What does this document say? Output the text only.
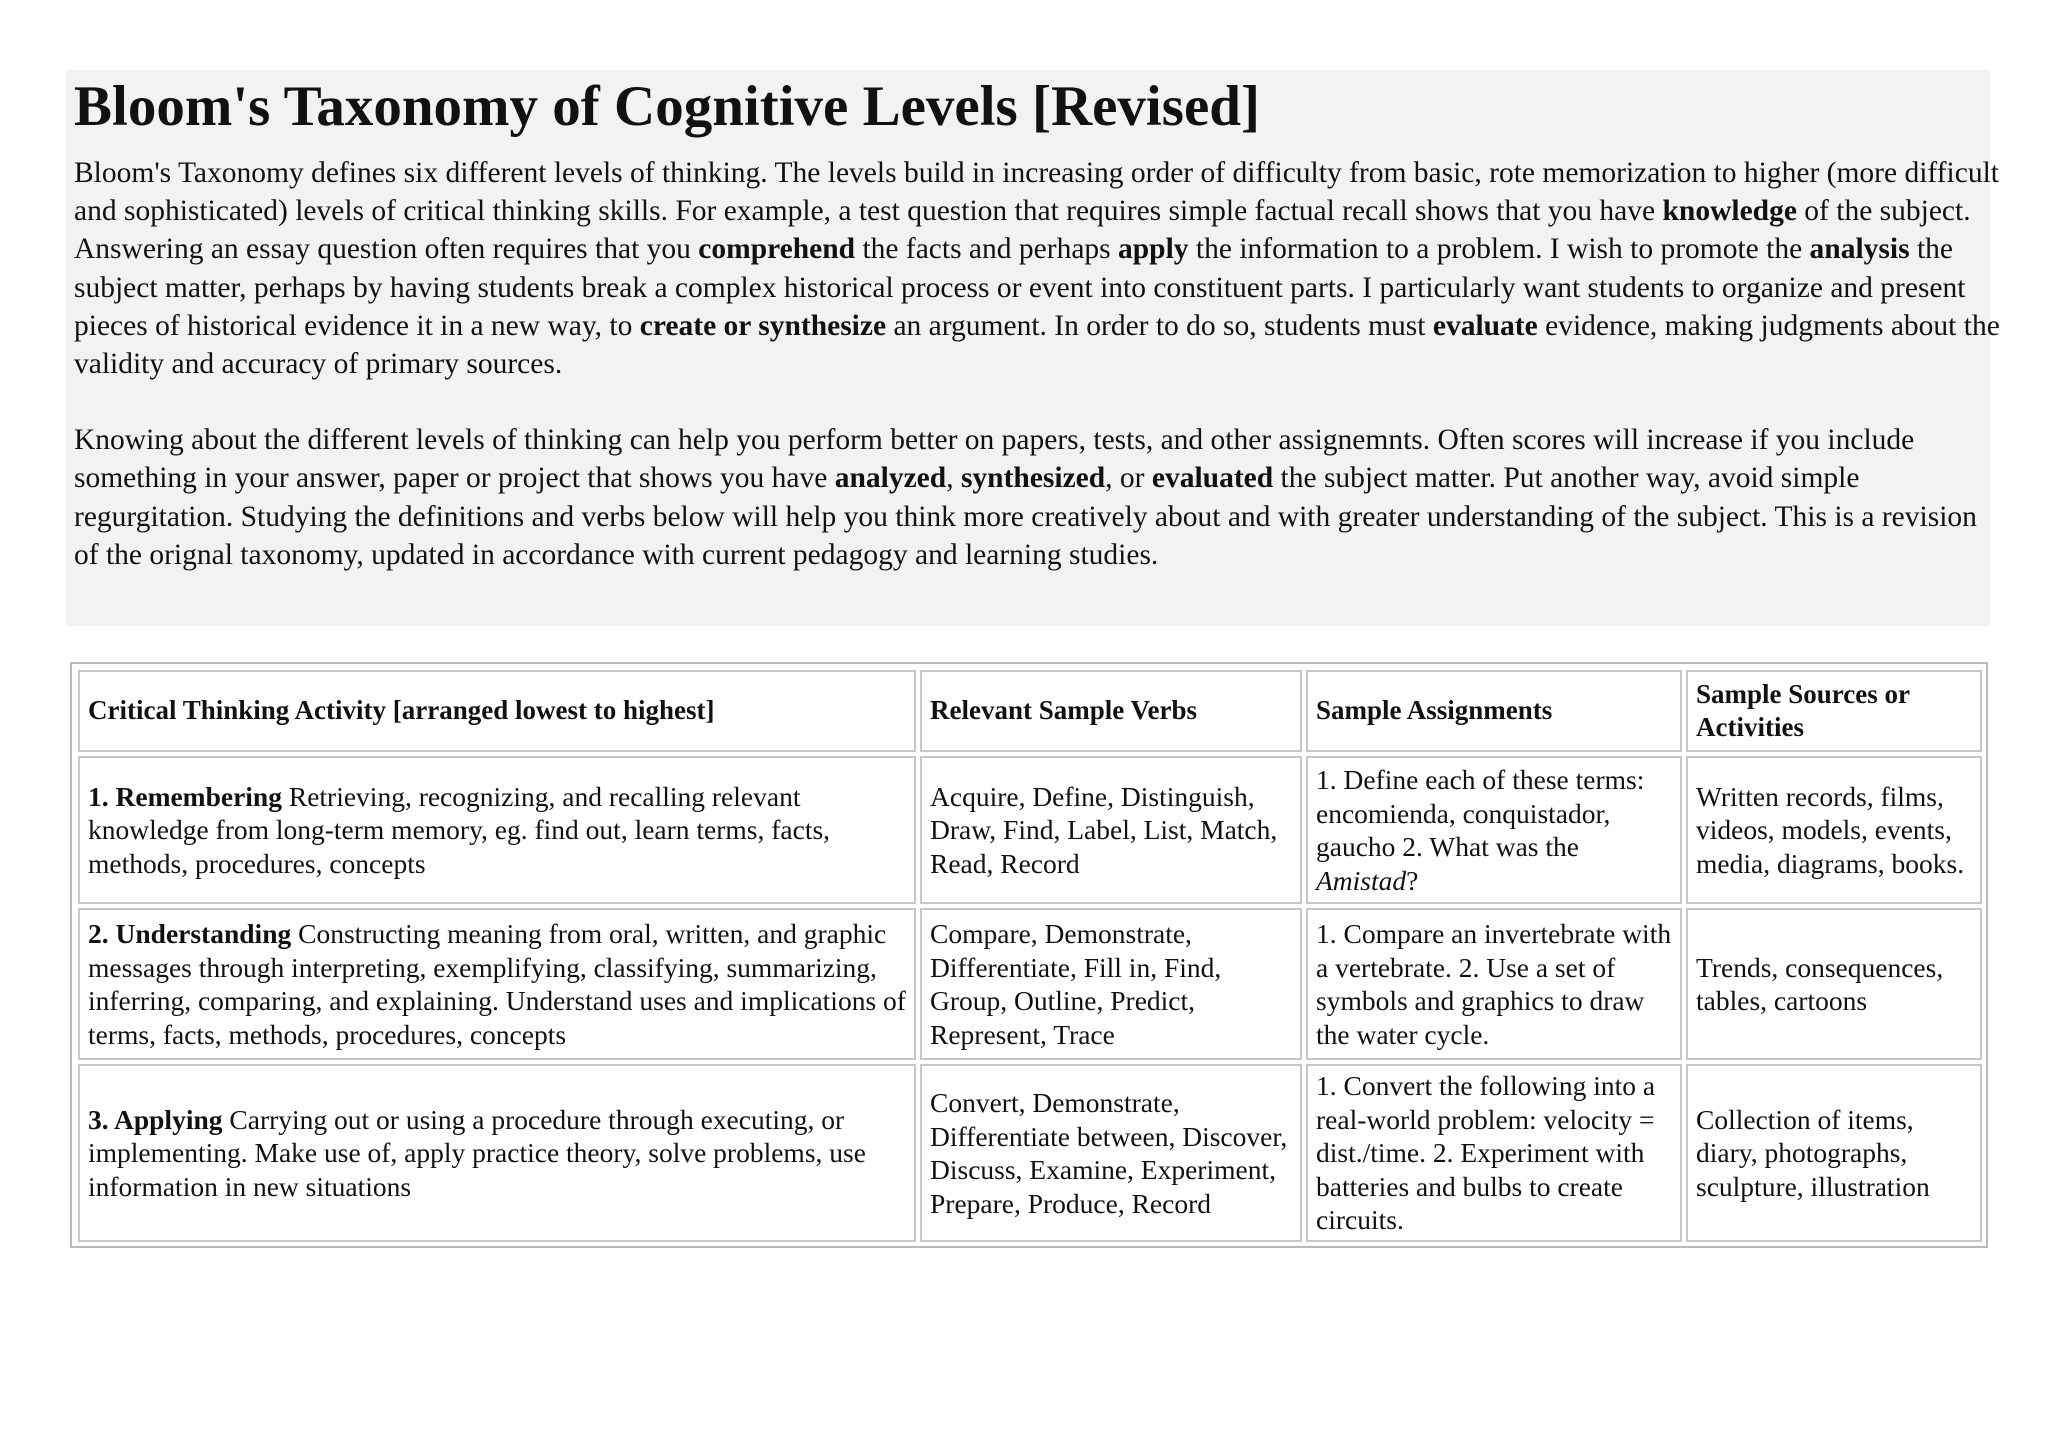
Bloom's Taxonomy of Cognitive Levels [Revised]
Bloom's Taxonomy defines six different levels of thinking. The levels build in increasing order of difficulty from basic, rote memorization to higher (more difficult and sophisticated) levels of critical thinking skills. For example, a test question that requires simple factual recall shows that you have knowledge of the subject. Answering an essay question often requires that you comprehend the facts and perhaps apply the information to a problem. I wish to promote the analysis the subject matter, perhaps by having students break a complex historical process or event into constituent parts. I particularly want students to organize and present pieces of historical evidence it in a new way, to create or synthesize an argument. In order to do so, students must evaluate evidence, making judgments about the validity and accuracy of primary sources.
Knowing about the different levels of thinking can help you perform better on papers, tests, and other assignemnts. Often scores will increase if you include something in your answer, paper or project that shows you have analyzed, synthesized, or evaluated the subject matter. Put another way, avoid simple regurgitation. Studying the definitions and verbs below will help you think more creatively about and with greater understanding of the subject. This is a revision of the orignal taxonomy, updated in accordance with current pedagogy and learning studies.
Critical Thinking Activity [arranged lowest to highest]	Relevant Sample Verbs	Sample Assignments
Sample Sources or Activities
1. Remembering Retrieving, recognizing, and recalling relevant knowledge from long-term memory, eg. find out, learn terms, facts, methods, procedures, concepts
Acquire, Define, Distinguish, Draw, Find, Label, List, Match, Read, Record
1. Define each of these terms: encomienda, conquistador, gaucho 2. What was the Amistad?
Written records, films, videos, models, events, media, diagrams, books.
2. Understanding Constructing meaning from oral, written, and graphic messages through interpreting, exemplifying, classifying, summarizing, inferring, comparing, and explaining. Understand uses and implications of terms, facts, methods, procedures, concepts
Compare, Demonstrate, Differentiate, Fill in, Find, Group, Outline, Predict, Represent, Trace
1. Compare an invertebrate with a vertebrate. 2. Use a set of symbols and graphics to draw the water cycle.
Trends, consequences, tables, cartoons
3. Applying Carrying out or using a procedure through executing, or implementing. Make use of, apply practice theory, solve problems, use information in new situations
Convert, Demonstrate, Differentiate between, Discover, Discuss, Examine, Experiment, Prepare, Produce, Record
1. Convert the following into a real-world problem: velocity = dist./time. 2. Experiment with batteries and bulbs to create circuits.
Collection of items, diary, photographs, sculpture, illustration
